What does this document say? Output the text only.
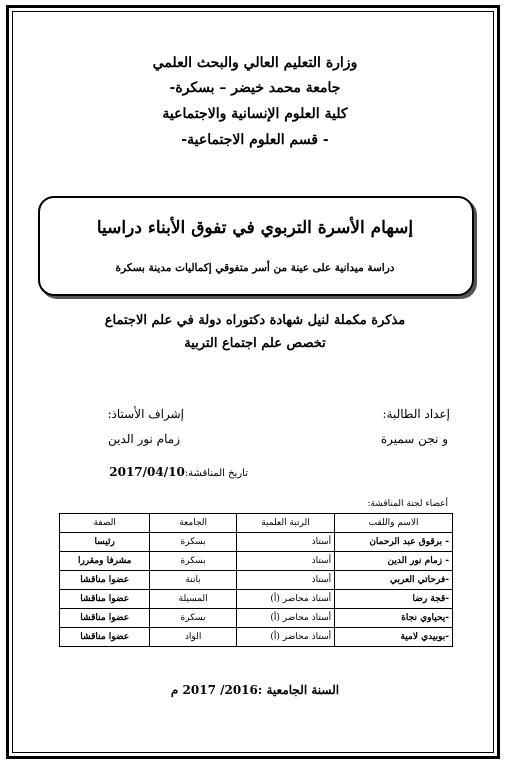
وزارة التعليم العالي والبحث العلمي
جامعة محمد خيضر – بسكرة-
كلية العلوم الإنسانية والاجتماعية
- قسم العلوم الاجتماعية-
إسهام الأسرة التربوي في تفوق الأبناء دراسيا
دراسة ميدانية على عينة من أسر متفوقي إكماليات مدينة بسكرة
مذكرة مكملة لنيل شهادة دكتوراه دولة في علم الاجتماع
تخصص علم اجتماع التربية
إعداد الطالبة:
و نجن سميرة
إشراف الأستاذ:
زمام نور الدين
تاريخ المناقشة:2017/04/10
أعضاء لجنة المناقشة:
الاسم واللقب	الرتبة العلمية	الجامعة	الصفة
- برقوق عبد الرحمان	أستاذ	بسكرة	رئيسا
- زمام نور الدين	أستاذ	بسكرة	مشرفا ومقررا
-فرحاتي العربي	أستاذ	باتنة	عضوا مناقشا
-قجة رضا	أستاذ محاضر (أ)	المسيلة	عضوا مناقشا
-يحياوي نجاة	أستاذ محاضر (أ)	بسكرة	عضوا مناقشا
-بوبيدي لامية	أستاذ محاضر (أ)	الواد	عضوا مناقشا
السنة الجامعية :2016/ 2017 م
